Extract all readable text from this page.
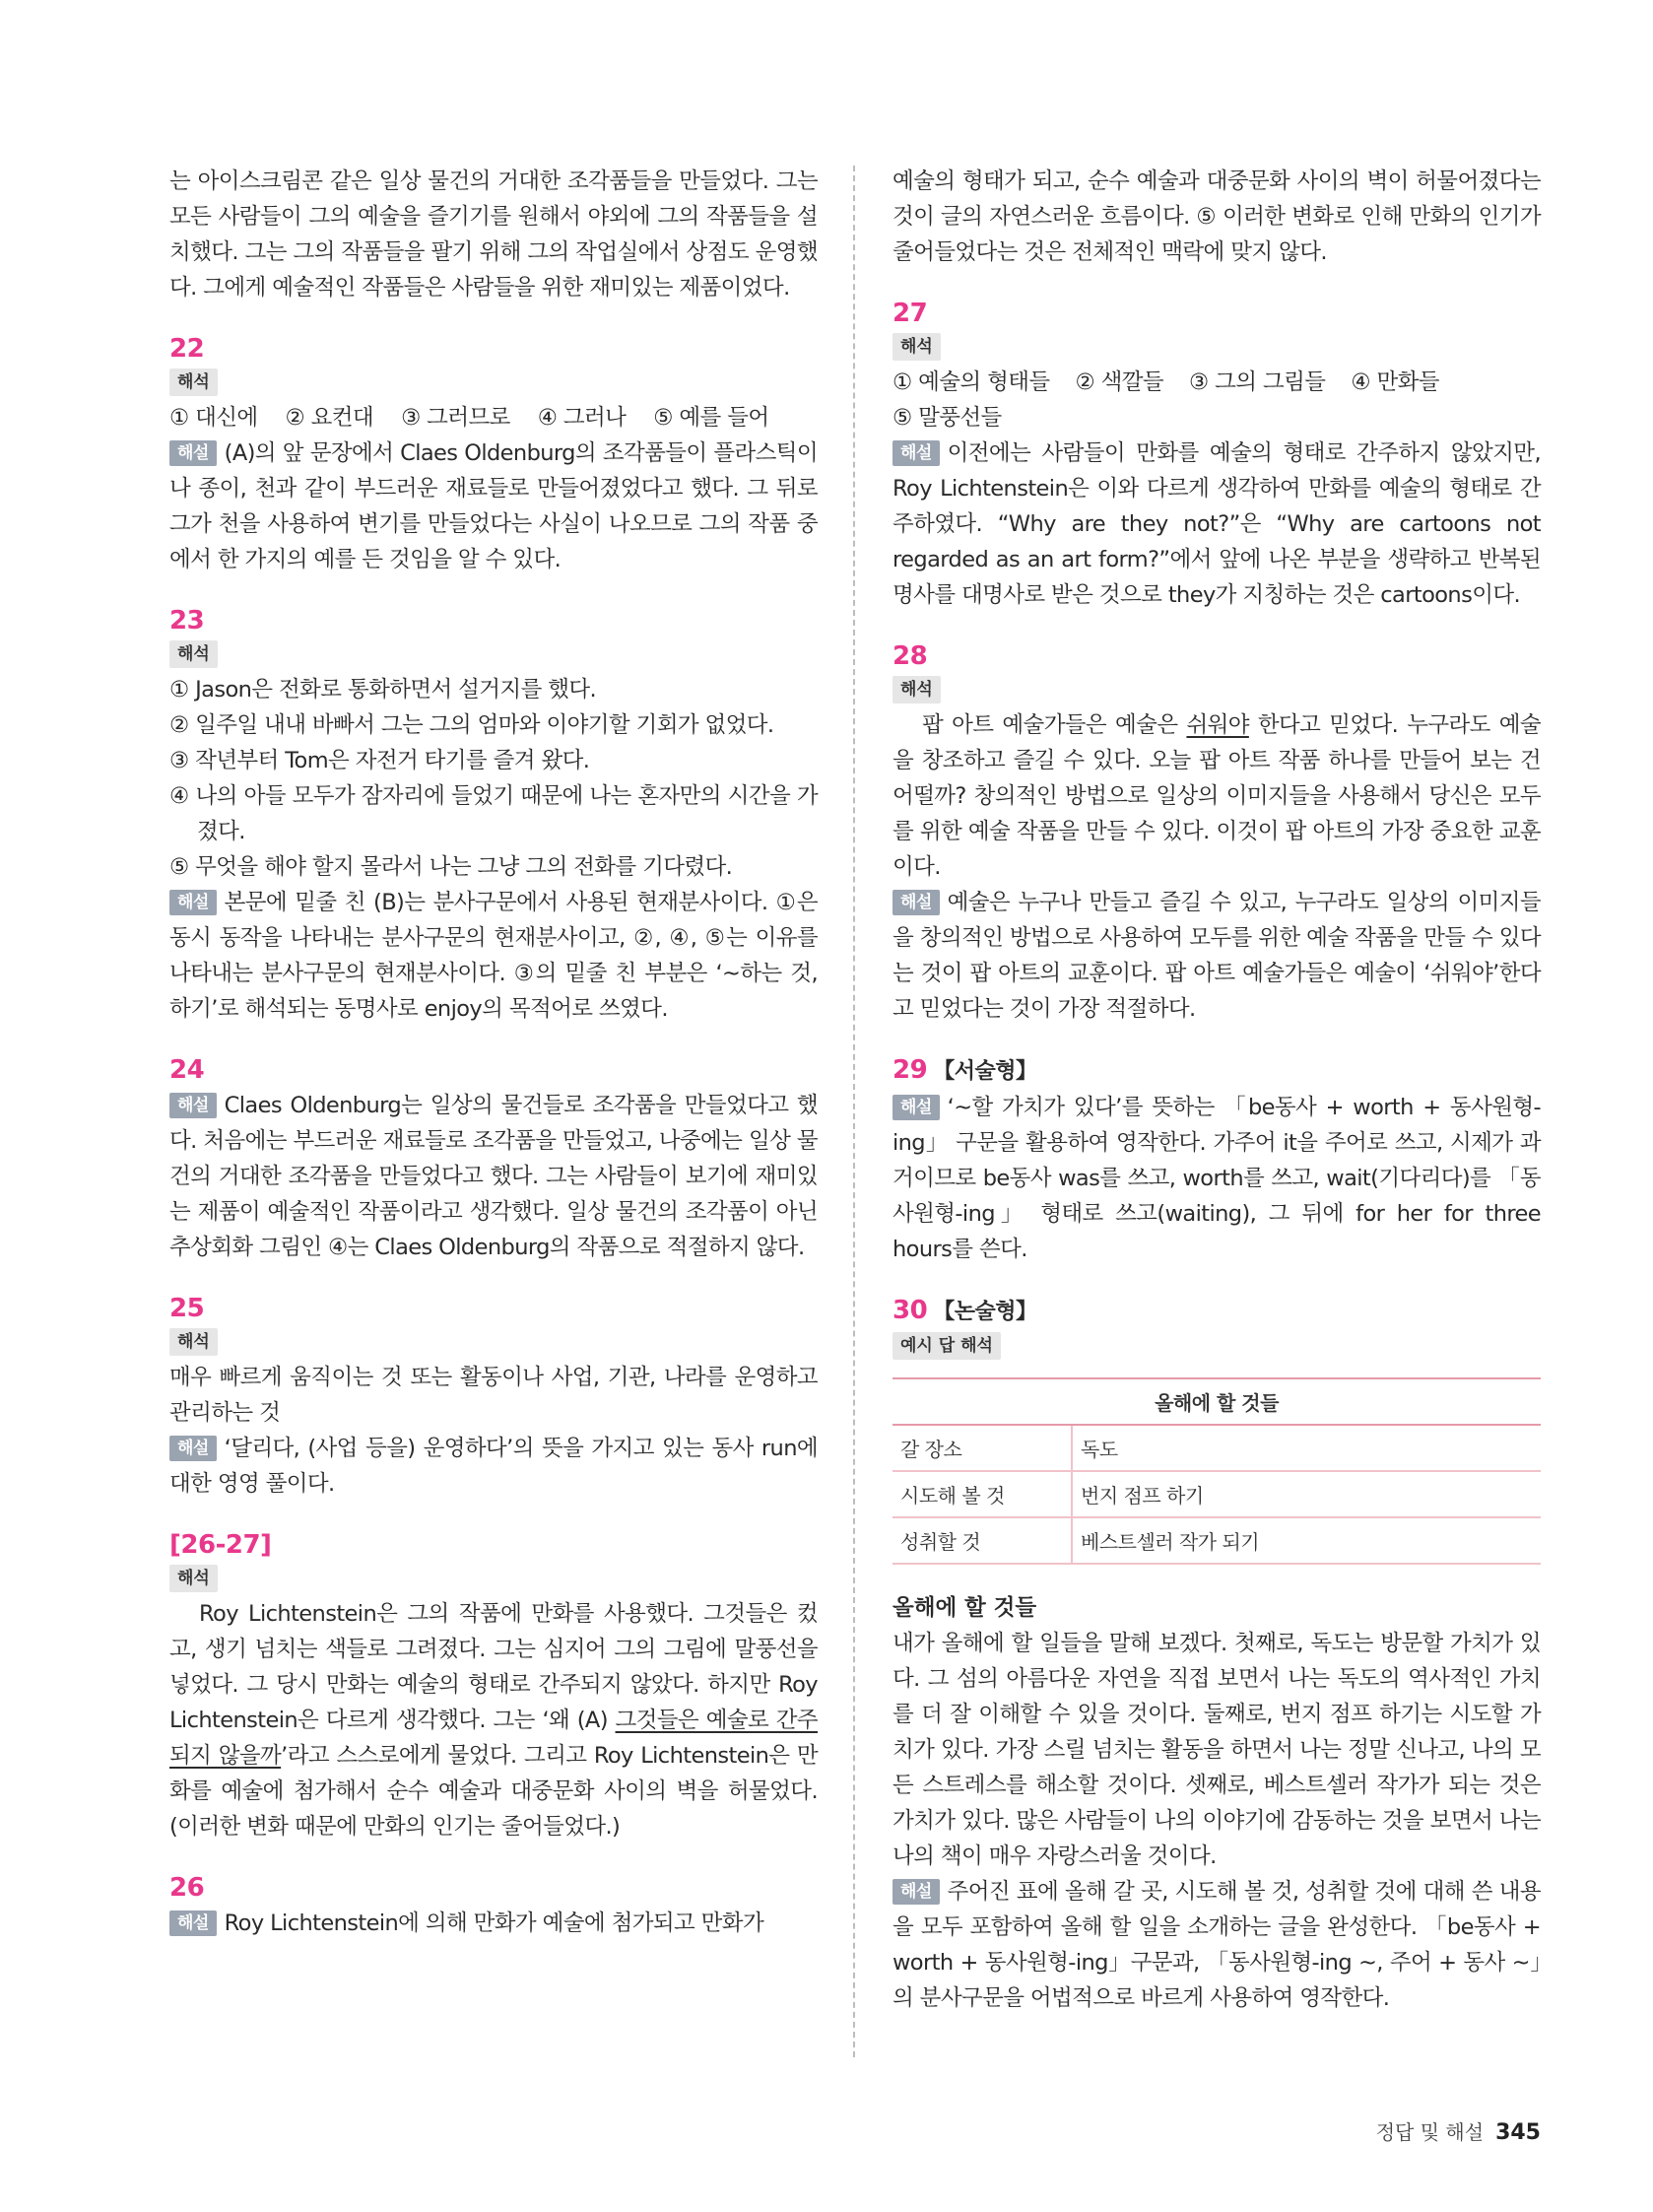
는 아이스크림콘 같은 일상 물건의 거대한 조각품들을 만들었다. 그는 모든 사람들이 그의 예술을 즐기기를 원해서 야외에 그의 작품들을 설치했다. 그는 그의 작품들을 팔기 위해 그의 작업실에서 상점도 운영했다. 그에게 예술적인 작품들은 사람들을 위한 재미있는 제품이었다.

22
해석
① 대신에 ② 요컨대 ③ 그러므로 ④ 그러나 ⑤ 예를 들어

해설 (A)의 앞 문장에서 Claes Oldenburg의 조각품들이 플라스틱이나 종이, 천과 같이 부드러운 재료들로 만들어졌었다고 했다. 그 뒤로 그가 천을 사용하여 변기를 만들었다는 사실이 나오므로 그의 작품 중에서 한 가지의 예를 든 것임을 알 수 있다.

23
해석

① Jason은 전화로 통화하면서 설거지를 했다.

② 일주일 내내 바빠서 그는 그의 엄마와 이야기할 기회가 없었다.

③ 작년부터 Tom은 자전거 타기를 즐겨 왔다.

④ 나의 아들 모두가 잠자리에 들었기 때문에 나는 혼자만의 시간을 가졌다.

⑤ 무엇을 해야 할지 몰라서 나는 그냥 그의 전화를 기다렸다.

해설 본문에 밑줄 친 (B)는 분사구문에서 사용된 현재분사이다. ①은 동시 동작을 나타내는 분사구문의 현재분사이고, ②, ④, ⑤는 이유를 나타내는 분사구문의 현재분사이다. ③의 밑줄 친 부분은 ‘~하는 것, 하기’로 해석되는 동명사로 enjoy의 목적어로 쓰였다.

24

해설 Claes Oldenburg는 일상의 물건들로 조각품을 만들었다고 했다. 처음에는 부드러운 재료들로 조각품을 만들었고, 나중에는 일상 물건의 거대한 조각품을 만들었다고 했다. 그는 사람들이 보기에 재미있는 제품이 예술적인 작품이라고 생각했다. 일상 물건의 조각품이 아닌 추상회화 그림인 ④는 Claes Oldenburg의 작품으로 적절하지 않다.

25
해석

매우 빠르게 움직이는 것 또는 활동이나 사업, 기관, 나라를 운영하고 관리하는 것

해설 ‘달리다, (사업 등을) 운영하다’의 뜻을 가지고 있는 동사 run에 대한 영영 풀이다.

[26-27]
해석

Roy Lichtenstein은 그의 작품에 만화를 사용했다. 그것들은 컸고, 생기 넘치는 색들로 그려졌다. 그는 심지어 그의 그림에 말풍선을 넣었다. 그 당시 만화는 예술의 형태로 간주되지 않았다. 하지만 Roy Lichtenstein은 다르게 생각했다. 그는 ‘왜 (A) 그것들은 예술로 간주되지 않을까’라고 스스로에게 물었다. 그리고 Roy Lichtenstein은 만화를 예술에 첨가해서 순수 예술과 대중문화 사이의 벽을 허물었다. (이러한 변화 때문에 만화의 인기는 줄어들었다.)

26

해설 Roy Lichtenstein에 의해 만화가 예술에 첨가되고 만화가

예술의 형태가 되고, 순수 예술과 대중문화 사이의 벽이 허물어졌다는 것이 글의 자연스러운 흐름이다. ⑤ 이러한 변화로 인해 만화의 인기가 줄어들었다는 것은 전체적인 맥락에 맞지 않다.

27
해석
① 예술의 형태들 ② 색깔들 ③ 그의 그림들 ④ 만화들
⑤ 말풍선들

해설 이전에는 사람들이 만화를 예술의 형태로 간주하지 않았지만, Roy Lichtenstein은 이와 다르게 생각하여 만화를 예술의 형태로 간주하였다. “Why are they not?”은 “Why are cartoons not regarded as an art form?”에서 앞에 나온 부분을 생략하고 반복된 명사를 대명사로 받은 것으로 they가 지칭하는 것은 cartoons이다.

28
해석

팝 아트 예술가들은 예술은 쉬워야 한다고 믿었다. 누구라도 예술을 창조하고 즐길 수 있다. 오늘 팝 아트 작품 하나를 만들어 보는 건 어떨까? 창의적인 방법으로 일상의 이미지들을 사용해서 당신은 모두를 위한 예술 작품을 만들 수 있다. 이것이 팝 아트의 가장 중요한 교훈이다.

해설 예술은 누구나 만들고 즐길 수 있고, 누구라도 일상의 이미지들을 창의적인 방법으로 사용하여 모두를 위한 예술 작품을 만들 수 있다는 것이 팝 아트의 교훈이다. 팝 아트 예술가들은 예술이 ‘쉬워야’한다고 믿었다는 것이 가장 적절하다.

29 【서술형】

해설 ‘~할 가치가 있다’를 뜻하는 「be동사 + worth + 동사원형-ing」 구문을 활용하여 영작한다. 가주어 it을 주어로 쓰고, 시제가 과거이므로 be동사 was를 쓰고, worth를 쓰고, wait(기다리다)를 「동사원형-ing」 형태로 쓰고(waiting), 그 뒤에 for her for three hours를 쓴다.

30 【논술형】
예시 답 해석
올해에 할 것들	
갈 장소	독도
시도해 볼 것	번지 점프 하기
성취할 것	베스트셀러 작가 되기
올해에 할 것들

내가 올해에 할 일들을 말해 보겠다. 첫째로, 독도는 방문할 가치가 있다. 그 섬의 아름다운 자연을 직접 보면서 나는 독도의 역사적인 가치를 더 잘 이해할 수 있을 것이다. 둘째로, 번지 점프 하기는 시도할 가치가 있다. 가장 스릴 넘치는 활동을 하면서 나는 정말 신나고, 나의 모든 스트레스를 해소할 것이다. 셋째로, 베스트셀러 작가가 되는 것은 가치가 있다. 많은 사람들이 나의 이야기에 감동하는 것을 보면서 나는 나의 책이 매우 자랑스러울 것이다.

해설 주어진 표에 올해 갈 곳, 시도해 볼 것, 성취할 것에 대해 쓴 내용을 모두 포함하여 올해 할 일을 소개하는 글을 완성한다. 「be동사 + worth + 동사원형-ing」구문과, 「동사원형-ing ~, 주어 + 동사 ~」의 분사구문을 어법적으로 바르게 사용하여 영작한다.

정답 및 해설 345
